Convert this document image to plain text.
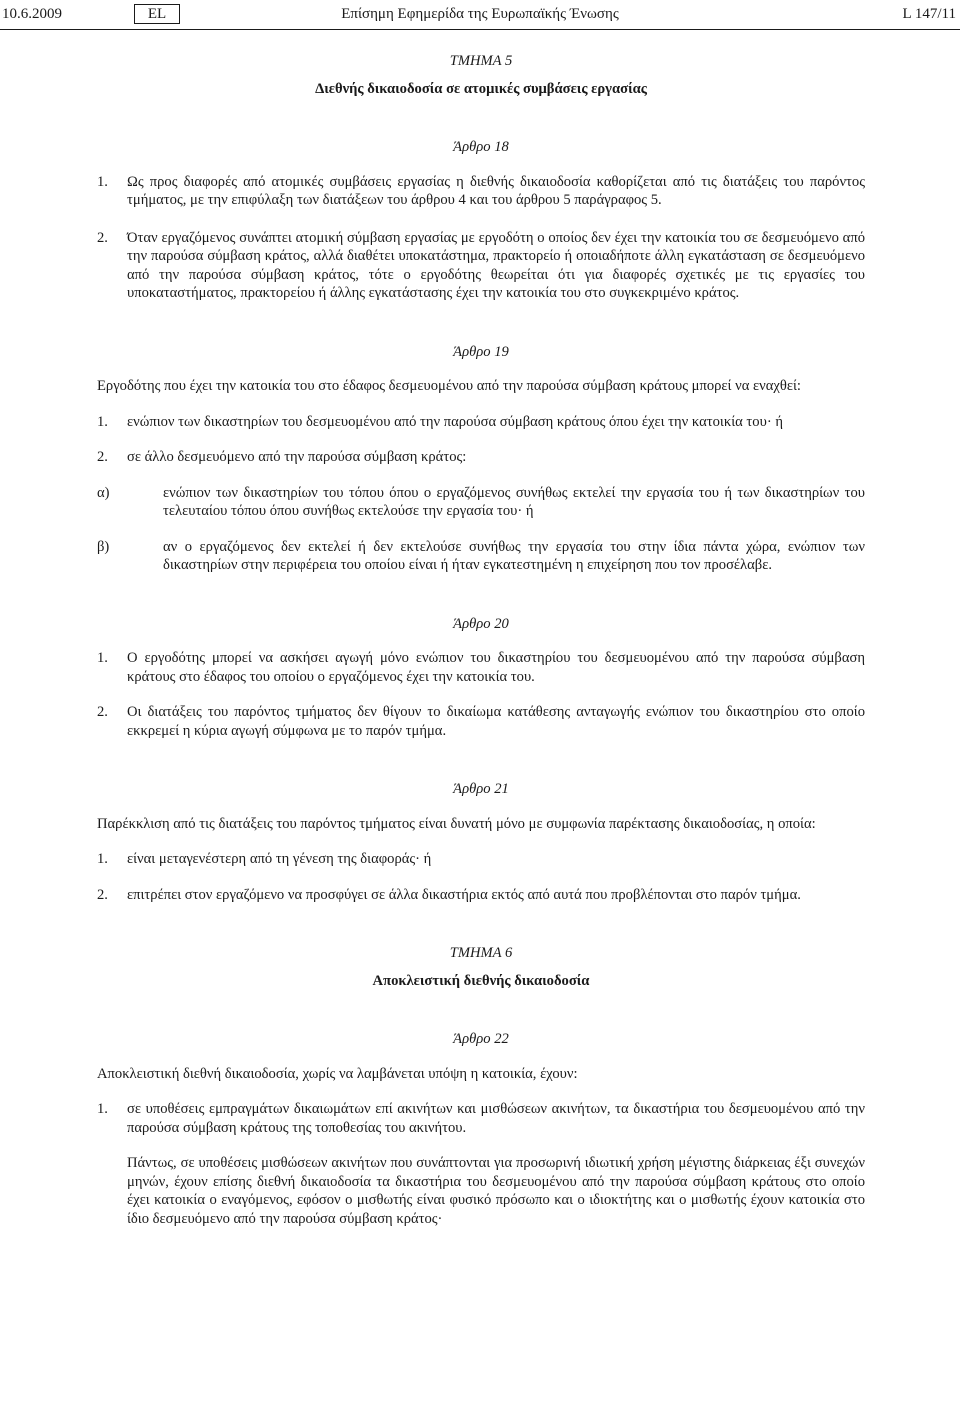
10.6.2009	EL	Επίσημη Εφημερίδα της Ευρωπαϊκής Ένωσης	L 147/11

ΤΜΗΜΑ 5

Διεθνής δικαιοδοσία σε ατομικές συμβάσεις εργασίας

Άρθρο 18

1. Ως προς διαφορές από ατομικές συμβάσεις εργασίας η διεθνής δικαιοδοσία καθορίζεται από τις διατάξεις του παρόντος τμήματος, με την επιφύλαξη των διατάξεων του άρθρου 4 και του άρθρου 5 παράγραφος 5.

2. Όταν εργαζόμενος συνάπτει ατομική σύμβαση εργασίας με εργοδότη ο οποίος δεν έχει την κατοικία του σε δεσμευόμενο από την παρούσα σύμβαση κράτος, αλλά διαθέτει υποκατάστημα, πρακτορείο ή οποιαδήποτε άλλη εγκατάσταση σε δεσμευόμενο από την παρούσα σύμβαση κράτος, τότε ο εργοδότης θεωρείται ότι για διαφορές σχετικές με τις εργασίες του υποκαταστήματος, πρακτορείου ή άλλης εγκατάστασης έχει την κατοικία του στο συγκεκριμένο κράτος.

Άρθρο 19

Εργοδότης που έχει την κατοικία του στο έδαφος δεσμευομένου από την παρούσα σύμβαση κράτους μπορεί να εναχθεί:

1. ενώπιον των δικαστηρίων του δεσμευομένου από την παρούσα σύμβαση κράτους όπου έχει την κατοικία του· ή

2. σε άλλο δεσμευόμενο από την παρούσα σύμβαση κράτος:

α)	ενώπιον των δικαστηρίων του τόπου όπου ο εργαζόμενος συνήθως εκτελεί την εργασία του ή των δικαστηρίων του τελευταίου τόπου όπου συνήθως εκτελούσε την εργασία του· ή

β)	αν ο εργαζόμενος δεν εκτελεί ή δεν εκτελούσε συνήθως την εργασία του στην ίδια πάντα χώρα, ενώπιον των δικαστηρίων στην περιφέρεια του οποίου είναι ή ήταν εγκατεστημένη η επιχείρηση που τον προσέλαβε.

Άρθρο 20

1. Ο εργοδότης μπορεί να ασκήσει αγωγή μόνο ενώπιον του δικαστηρίου του δεσμευομένου από την παρούσα σύμβαση κράτους στο έδαφος του οποίου ο εργαζόμενος έχει την κατοικία του.

2. Οι διατάξεις του παρόντος τμήματος δεν θίγουν το δικαίωμα κατάθεσης ανταγωγής ενώπιον του δικαστηρίου στο οποίο εκκρεμεί η κύρια αγωγή σύμφωνα με το παρόν τμήμα.

Άρθρο 21

Παρέκκλιση από τις διατάξεις του παρόντος τμήματος είναι δυνατή μόνο με συμφωνία παρέκτασης δικαιοδοσίας, η οποία:

1. είναι μεταγενέστερη από τη γένεση της διαφοράς· ή

2. επιτρέπει στον εργαζόμενο να προσφύγει σε άλλα δικαστήρια εκτός από αυτά που προβλέπονται στο παρόν τμήμα.

ΤΜΗΜΑ 6

Αποκλειστική διεθνής δικαιοδοσία

Άρθρο 22

Αποκλειστική διεθνή δικαιοδοσία, χωρίς να λαμβάνεται υπόψη η κατοικία, έχουν:

1. σε υποθέσεις εμπραγμάτων δικαιωμάτων επί ακινήτων και μισθώσεων ακινήτων, τα δικαστήρια του δεσμευομένου από την παρούσα σύμβαση κράτους της τοποθεσίας του ακινήτου.

Πάντως, σε υποθέσεις μισθώσεων ακινήτων που συνάπτονται για προσωρινή ιδιωτική χρήση μέγιστης διάρκειας έξι συνεχών μηνών, έχουν επίσης διεθνή δικαιοδοσία τα δικαστήρια του δεσμευομένου από την παρούσα σύμβαση κράτους στο οποίο έχει κατοικία ο εναγόμενος, εφόσον ο μισθωτής είναι φυσικό πρόσωπο και ο ιδιοκτήτης και ο μισθωτής έχουν κατοικία στο ίδιο δεσμευόμενο από την παρούσα σύμβαση κράτος·
